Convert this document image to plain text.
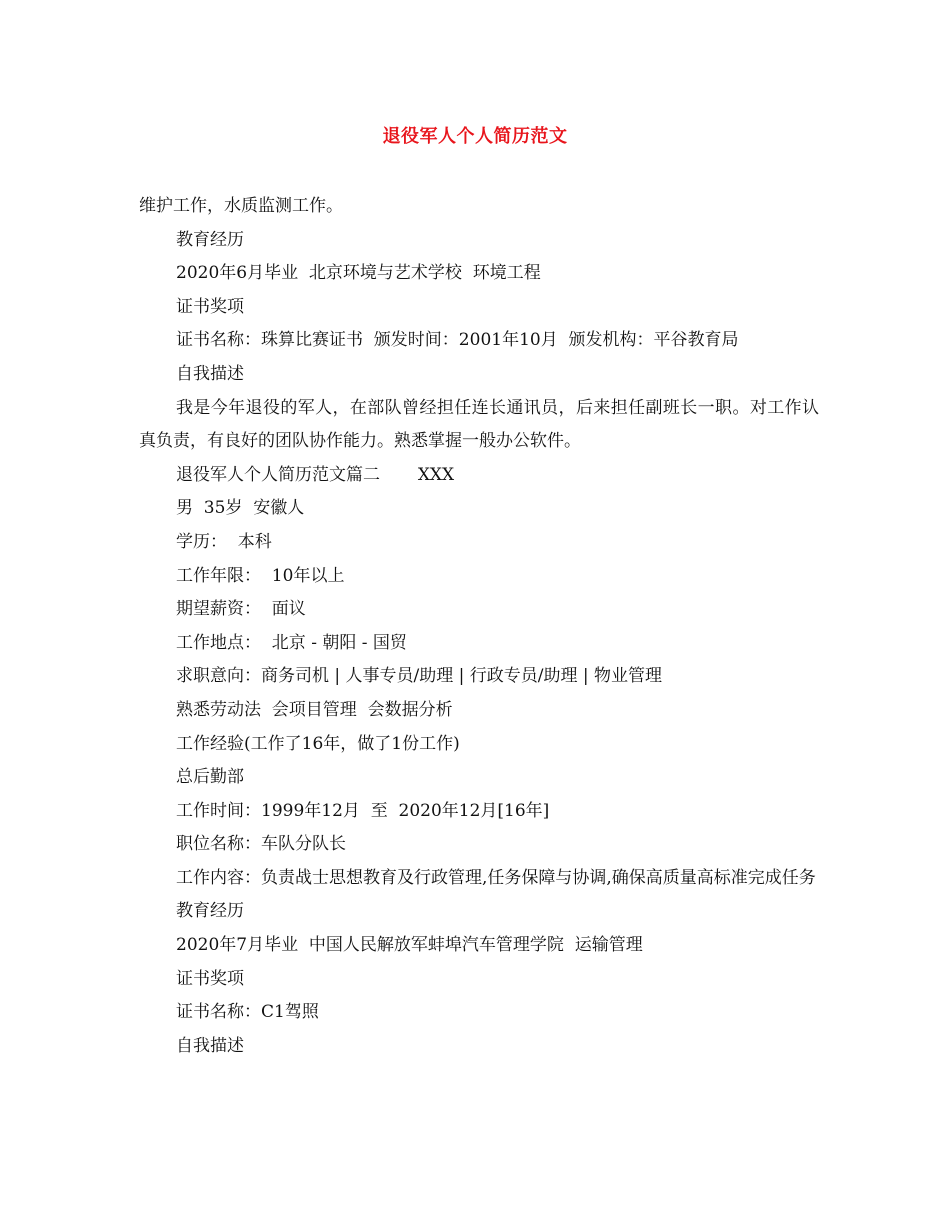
退役军人个人简历范文

维护工作，水质监测工作。

教育经历

2020年6月毕业  北京环境与艺术学校  环境工程

证书奖项

证书名称：珠算比赛证书  颁发时间：2001年10月  颁发机构：平谷教育局

自我描述

我是今年退役的军人，在部队曾经担任连长通讯员，后来担任副班长一职。对工作认真负责，有良好的团队协作能力。熟悉掌握一般办公软件。

退役军人个人简历范文篇二       XXX

男  35岁  安徽人

学历：  本科

工作年限：  10年以上

期望薪资：  面议

工作地点：  北京 - 朝阳 - 国贸

求职意向：商务司机 | 人事专员/助理 | 行政专员/助理 | 物业管理

熟悉劳动法  会项目管理  会数据分析

工作经验(工作了16年，做了1份工作)

总后勤部

工作时间：1999年12月  至  2020年12月[16年]

职位名称：车队分队长

工作内容：负责战士思想教育及行政管理,任务保障与协调,确保高质量高标准完成任务

教育经历

2020年7月毕业  中国人民解放军蚌埠汽车管理学院  运输管理

证书奖项

证书名称：C1驾照

自我描述
